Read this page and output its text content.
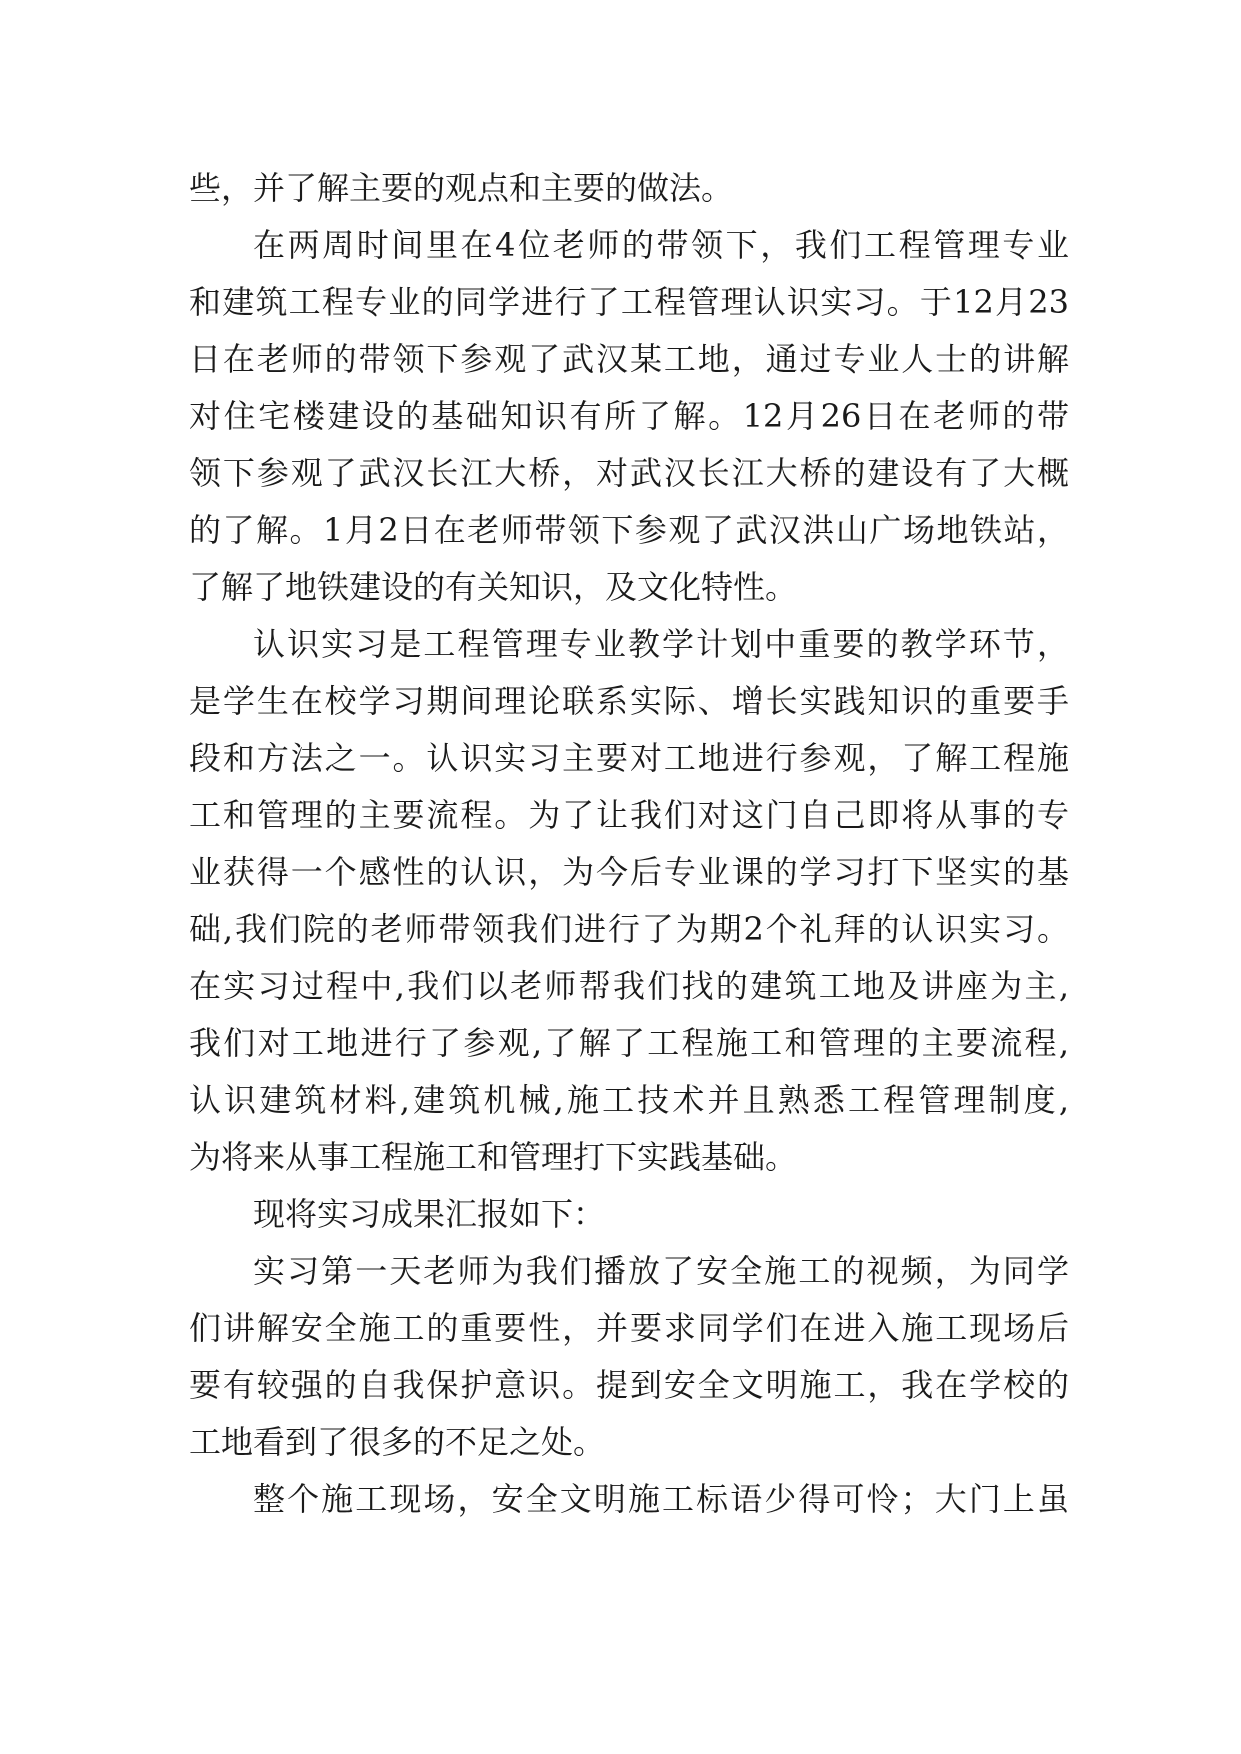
些，并了解主要的观点和主要的做法。
在两周时间里在4位老师的带领下，我们工程管理专业
和建筑工程专业的同学进行了工程管理认识实习。于12月23
日在老师的带领下参观了武汉某工地，通过专业人士的讲解
对住宅楼建设的基础知识有所了解。12月26日在老师的带
领下参观了武汉长江大桥，对武汉长江大桥的建设有了大概
的了解。1月2日在老师带领下参观了武汉洪山广场地铁站，
了解了地铁建设的有关知识，及文化特性。
认识实习是工程管理专业教学计划中重要的教学环节，
是学生在校学习期间理论联系实际、增长实践知识的重要手
段和方法之一。认识实习主要对工地进行参观，了解工程施
工和管理的主要流程。为了让我们对这门自己即将从事的专
业获得一个感性的认识，为今后专业课的学习打下坚实的基
础,我们院的老师带领我们进行了为期2个礼拜的认识实习。
在实习过程中,我们以老师帮我们找的建筑工地及讲座为主,
我们对工地进行了参观,了解了工程施工和管理的主要流程,
认识建筑材料,建筑机械,施工技术并且熟悉工程管理制度,
为将来从事工程施工和管理打下实践基础。
现将实习成果汇报如下：
实习第一天老师为我们播放了安全施工的视频，为同学
们讲解安全施工的重要性，并要求同学们在进入施工现场后
要有较强的自我保护意识。提到安全文明施工，我在学校的
工地看到了很多的不足之处。
整个施工现场，安全文明施工标语少得可怜；大门上虽
